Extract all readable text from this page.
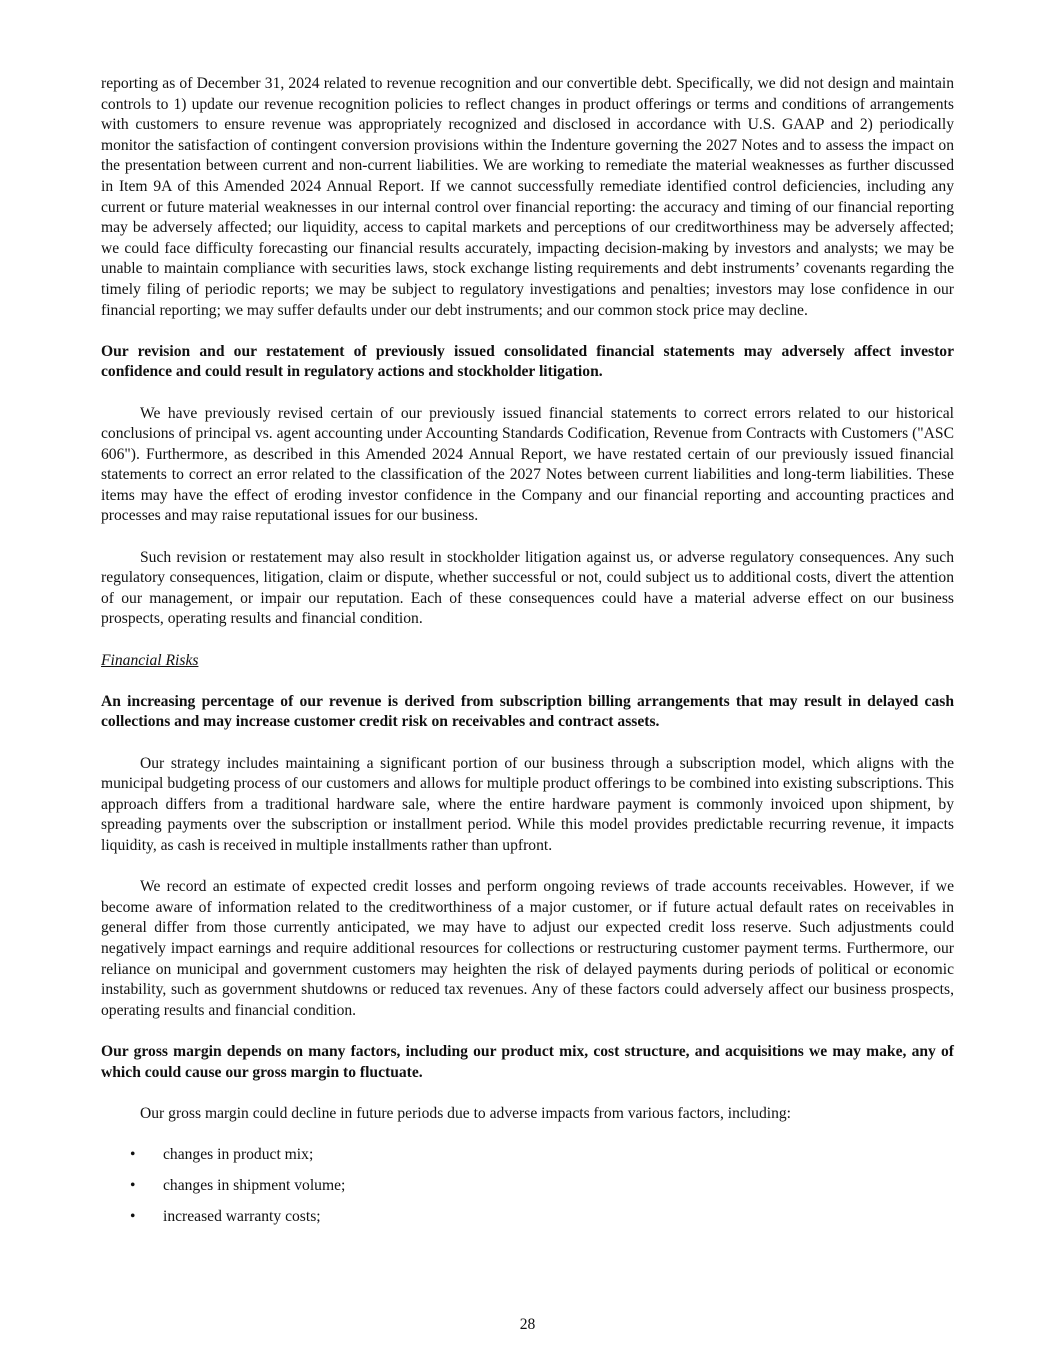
reporting as of December 31, 2024 related to revenue recognition and our convertible debt. Specifically, we did not design and maintain controls to 1) update our revenue recognition policies to reflect changes in product offerings or terms and conditions of arrangements with customers to ensure revenue was appropriately recognized and disclosed in accordance with U.S. GAAP and 2) periodically monitor the satisfaction of contingent conversion provisions within the Indenture governing the 2027 Notes and to assess the impact on the presentation between current and non-current liabilities. We are working to remediate the material weaknesses as further discussed in Item 9A of this Amended 2024 Annual Report. If we cannot successfully remediate identified control deficiencies, including any current or future material weaknesses in our internal control over financial reporting: the accuracy and timing of our financial reporting may be adversely affected; our liquidity, access to capital markets and perceptions of our creditworthiness may be adversely affected; we could face difficulty forecasting our financial results accurately, impacting decision-making by investors and analysts; we may be unable to maintain compliance with securities laws, stock exchange listing requirements and debt instruments’ covenants regarding the timely filing of periodic reports; we may be subject to regulatory investigations and penalties; investors may lose confidence in our financial reporting; we may suffer defaults under our debt instruments; and our common stock price may decline.

Our revision and our restatement of previously issued consolidated financial statements may adversely affect investor confidence and could result in regulatory actions and stockholder litigation.

We have previously revised certain of our previously issued financial statements to correct errors related to our historical conclusions of principal vs. agent accounting under Accounting Standards Codification, Revenue from Contracts with Customers ("ASC 606"). Furthermore, as described in this Amended 2024 Annual Report, we have restated certain of our previously issued financial statements to correct an error related to the classification of the 2027 Notes between current liabilities and long-term liabilities. These items may have the effect of eroding investor confidence in the Company and our financial reporting and accounting practices and processes and may raise reputational issues for our business.

Such revision or restatement may also result in stockholder litigation against us, or adverse regulatory consequences. Any such regulatory consequences, litigation, claim or dispute, whether successful or not, could subject us to additional costs, divert the attention of our management, or impair our reputation. Each of these consequences could have a material adverse effect on our business prospects, operating results and financial condition.

Financial Risks

An increasing percentage of our revenue is derived from subscription billing arrangements that may result in delayed cash collections and may increase customer credit risk on receivables and contract assets.

Our strategy includes maintaining a significant portion of our business through a subscription model, which aligns with the municipal budgeting process of our customers and allows for multiple product offerings to be combined into existing subscriptions. This approach differs from a traditional hardware sale, where the entire hardware payment is commonly invoiced upon shipment, by spreading payments over the subscription or installment period. While this model provides predictable recurring revenue, it impacts liquidity, as cash is received in multiple installments rather than upfront.

We record an estimate of expected credit losses and perform ongoing reviews of trade accounts receivables. However, if we become aware of information related to the creditworthiness of a major customer, or if future actual default rates on receivables in general differ from those currently anticipated, we may have to adjust our expected credit loss reserve. Such adjustments could negatively impact earnings and require additional resources for collections or restructuring customer payment terms. Furthermore, our reliance on municipal and government customers may heighten the risk of delayed payments during periods of political or economic instability, such as government shutdowns or reduced tax revenues. Any of these factors could adversely affect our business prospects, operating results and financial condition.

Our gross margin depends on many factors, including our product mix, cost structure, and acquisitions we may make, any of which could cause our gross margin to fluctuate.

Our gross margin could decline in future periods due to adverse impacts from various factors, including:

• changes in product mix;
• changes in shipment volume;
• increased warranty costs;
28
